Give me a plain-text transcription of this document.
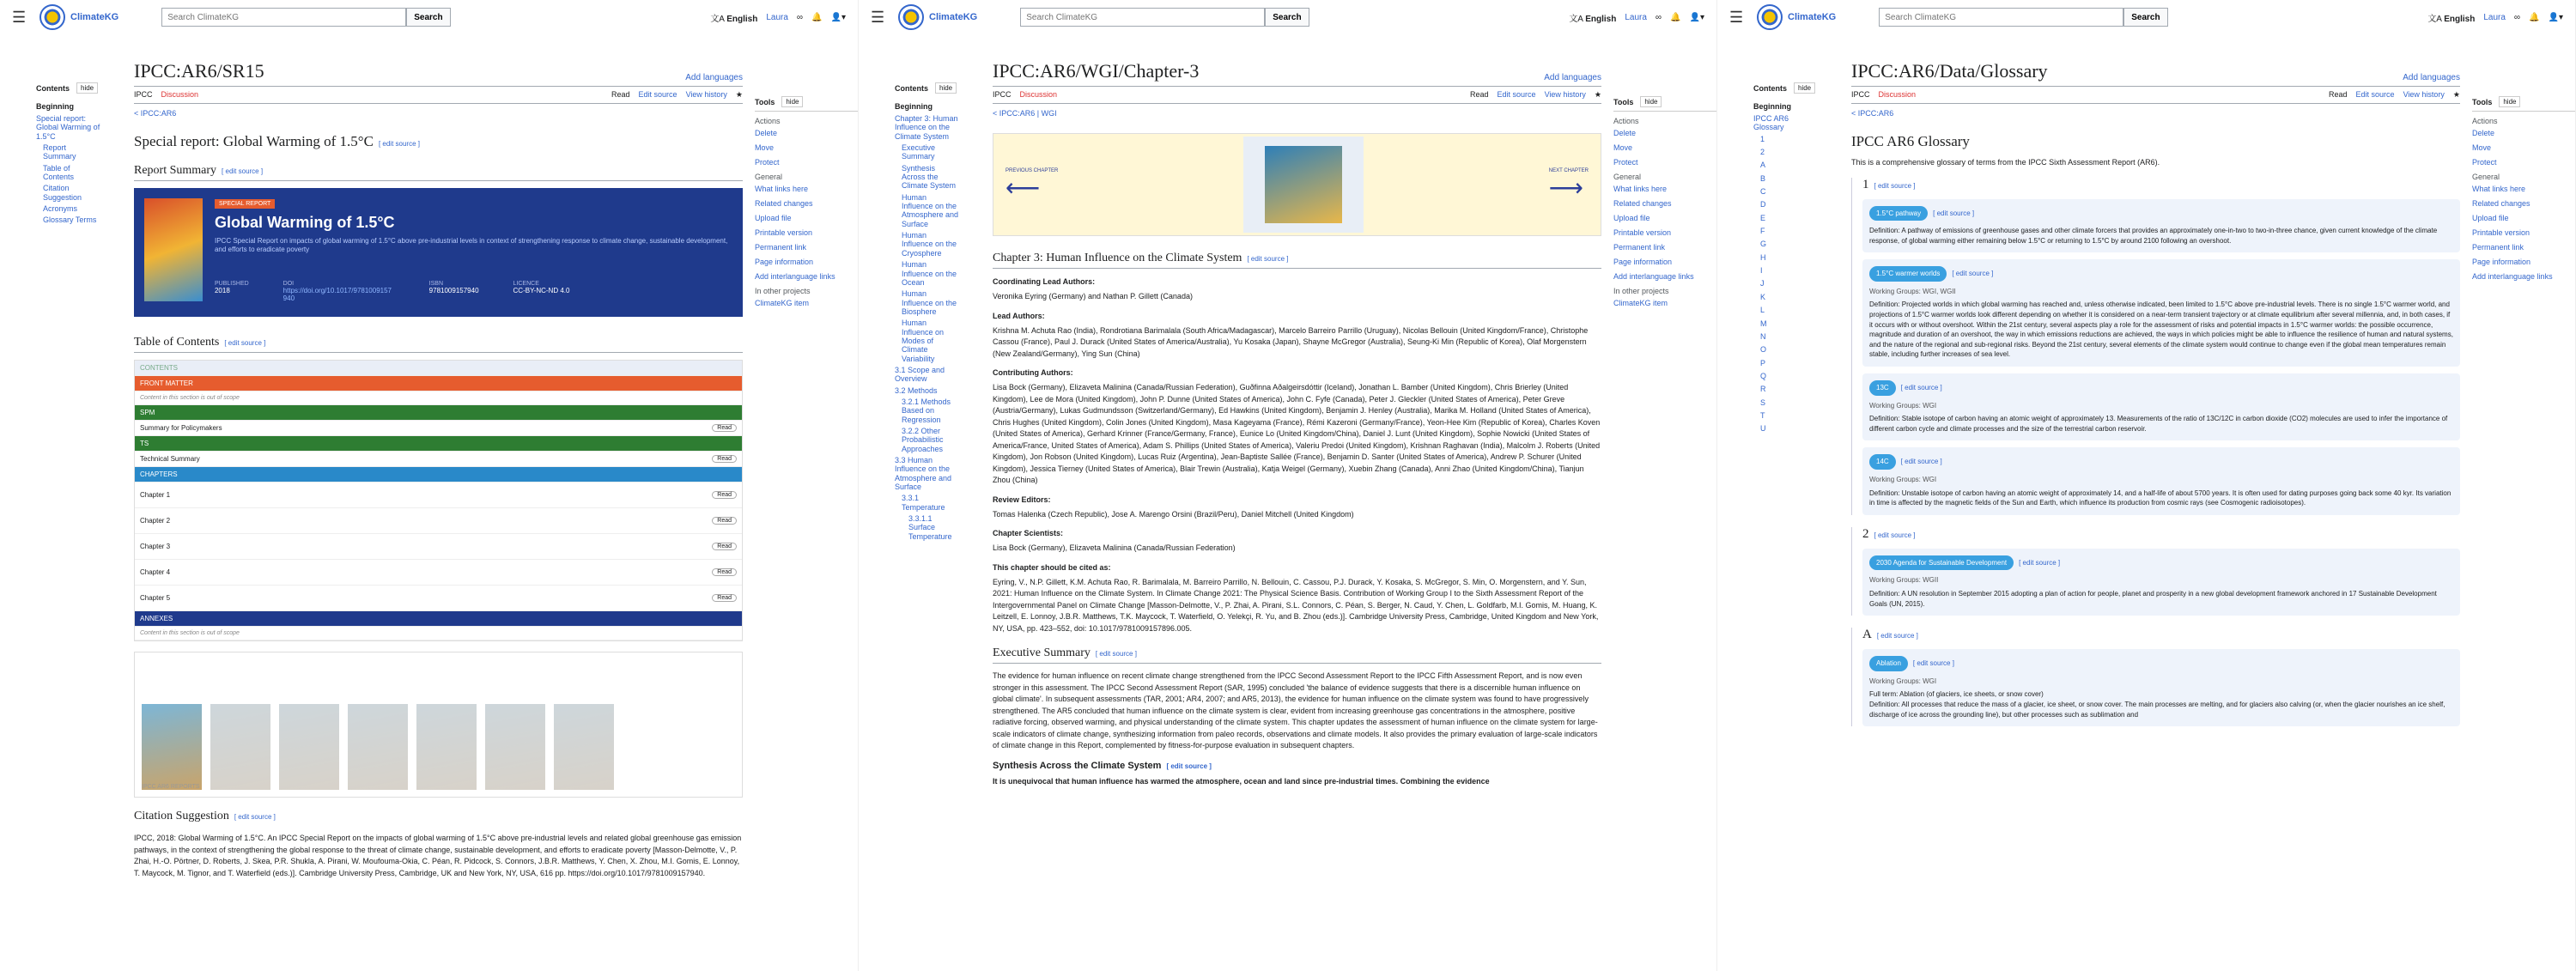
☰	ClimateKG
Search ClimateKG	Search	文A English Laura ∞ 🔔 👤▾
Contents	hide
Beginning
Special report: Global Warming of 1.5°C
Report Summary
Table of Contents
Citation Suggestion
Acronyms
Glossary Terms
IPCC:AR6/SR15	Add languages
IPCC Discussion	Read Edit source View history ★
< IPCC:AR6
Special report: Global Warming of 1.5°C [ edit source ]
Report Summary [ edit source ]
SPECIAL REPORT
Global Warming of 1.5°C
IPCC Special Report on impacts of global warming of 1.5°C above pre-industrial levels in context of strengthening response to climate change, sustainable development, and efforts to eradicate poverty
PUBLISHED
2018
DOI
https://doi.org/10.1017/9781009157940
ISBN
9781009157940
LICENCE
CC-BY-NC-ND 4.0
Table of Contents [ edit source ]
CONTENTS
FRONT MATTER
Content in this section is out of scope
SPM
Summary for Policymakers	Read
TS
Technical Summary	Read
CHAPTERS
Chapter 1	Read
Chapter 2	Read
Chapter 3	Read
Chapter 4	Read
Chapter 5	Read
ANNEXES
Content in this section is out of scope
IPCC AR6 REPORTS
Citation Suggestion [ edit source ]
IPCC, 2018: Global Warming of 1.5°C. An IPCC Special Report on the impacts of global warming of 1.5°C above pre-industrial levels and related global greenhouse gas emission pathways, in the context of strengthening the global response to the threat of climate change, sustainable development, and efforts to eradicate poverty [Masson-Delmotte, V., P. Zhai, H.-O. Pörtner, D. Roberts, J. Skea, P.R. Shukla, A. Pirani, W. Moufouma-Okia, C. Péan, R. Pidcock, S. Connors, J.B.R. Matthews, Y. Chen, X. Zhou, M.I. Gomis, E. Lonnoy, T. Maycock, M. Tignor, and T. Waterfield (eds.)]. Cambridge University Press, Cambridge, UK and New York, NY, USA, 616 pp. https://doi.org/10.1017/9781009157940.
Tools	hide
Actions
Delete
Move
Protect
General
What links here
Related changes
Upload file
Printable version
Permanent link
Page information
Add interlanguage links
In other projects
ClimateKG item
☰	ClimateKG
Search ClimateKG	Search	文A English Laura ∞ 🔔 👤▾
Contents	hide
Beginning
Chapter 3: Human Influence on the Climate System
Executive Summary
Synthesis Across the Climate System
Human Influence on the Atmosphere and Surface
Human Influence on the Cryosphere
Human Influence on the Ocean
Human Influence on the Biosphere
Human Influence on Modes of Climate Variability
3.1 Scope and Overview
3.2 Methods
3.2.1 Methods Based on Regression
3.2.2 Other Probabilistic Approaches
3.3 Human Influence on the Atmosphere and Surface
3.3.1 Temperature
3.3.1.1 Surface Temperature
IPCC:AR6/WGI/Chapter-3	Add languages
IPCC Discussion	Read Edit source View history ★
< IPCC:AR6 | WGI
PREVIOUS CHAPTER
⟵
NEXT CHAPTER
⟶
Chapter 3: Human Influence on the Climate System [ edit source ]
Coordinating Lead Authors:
Veronika Eyring (Germany) and Nathan P. Gillett (Canada)
Lead Authors:
Krishna M. Achuta Rao (India), Rondrotiana Barimalala (South Africa/Madagascar), Marcelo Barreiro Parrillo (Uruguay), Nicolas Bellouin (United Kingdom/France), Christophe Cassou (France), Paul J. Durack (United States of America/Australia), Yu Kosaka (Japan), Shayne McGregor (Australia), Seung-Ki Min (Republic of Korea), Olaf Morgenstern (New Zealand/Germany), Ying Sun (China)
Contributing Authors:
Lisa Bock (Germany), Elizaveta Malinina (Canada/Russian Federation), Guðfinna Aðalgeirsdóttir (Iceland), Jonathan L. Bamber (United Kingdom), Chris Brierley (United Kingdom), Lee de Mora (United Kingdom), John P. Dunne (United States of America), John C. Fyfe (Canada), Peter J. Gleckler (United States of America), Peter Greve (Austria/Germany), Lukas Gudmundsson (Switzerland/Germany), Ed Hawkins (United Kingdom), Benjamin J. Henley (Australia), Marika M. Holland (United States of America), Chris Hughes (United Kingdom), Colin Jones (United Kingdom), Masa Kageyama (France), Rémi Kazeroni (Germany/France), Yeon-Hee Kim (Republic of Korea), Charles Koven (United States of America), Gerhard Krinner (France/Germany, France), Eunice Lo (United Kingdom/China), Daniel J. Lunt (United Kingdom), Sophie Nowicki (United States of America/France, United States of America), Adam S. Phillips (United States of America), Valeriu Predoi (United Kingdom), Krishnan Raghavan (India), Malcolm J. Roberts (United Kingdom), Jon Robson (United Kingdom), Lucas Ruiz (Argentina), Jean-Baptiste Sallée (France), Benjamin D. Santer (United States of America), Andrew P. Schurer (United Kingdom), Jessica Tierney (United States of America), Blair Trewin (Australia), Katja Weigel (Germany), Xuebin Zhang (Canada), Anni Zhao (United Kingdom/China), Tianjun Zhou (China)
Review Editors:
Tomas Halenka (Czech Republic), Jose A. Marengo Orsini (Brazil/Peru), Daniel Mitchell (United Kingdom)
Chapter Scientists:
Lisa Bock (Germany), Elizaveta Malinina (Canada/Russian Federation)
This chapter should be cited as:
Eyring, V., N.P. Gillett, K.M. Achuta Rao, R. Barimalala, M. Barreiro Parrillo, N. Bellouin, C. Cassou, P.J. Durack, Y. Kosaka, S. McGregor, S. Min, O. Morgenstern, and Y. Sun, 2021: Human Influence on the Climate System. In Climate Change 2021: The Physical Science Basis. Contribution of Working Group I to the Sixth Assessment Report of the Intergovernmental Panel on Climate Change [Masson-Delmotte, V., P. Zhai, A. Pirani, S.L. Connors, C. Péan, S. Berger, N. Caud, Y. Chen, L. Goldfarb, M.I. Gomis, M. Huang, K. Leitzell, E. Lonnoy, J.B.R. Matthews, T.K. Maycock, T. Waterfield, O. Yelekçi, R. Yu, and B. Zhou (eds.)]. Cambridge University Press, Cambridge, United Kingdom and New York, NY, USA, pp. 423–552, doi: 10.1017/9781009157896.005.
Executive Summary [ edit source ]
The evidence for human influence on recent climate change strengthened from the IPCC Second Assessment Report to the IPCC Fifth Assessment Report, and is now even stronger in this assessment. The IPCC Second Assessment Report (SAR, 1995) concluded 'the balance of evidence suggests that there is a discernible human influence on global climate'. In subsequent assessments (TAR, 2001; AR4, 2007; and AR5, 2013), the evidence for human influence on the climate system was found to have progressively strengthened. The AR5 concluded that human influence on the climate system is clear, evident from increasing greenhouse gas concentrations in the atmosphere, positive radiative forcing, observed warming, and physical understanding of the climate system. This chapter updates the assessment of human influence on the climate system for large-scale indicators of climate change, synthesizing information from paleo records, observations and climate models. It also provides the primary evaluation of large-scale indicators of climate change in this Report, complemented by fitness-for-purpose evaluation in subsequent chapters.
Synthesis Across the Climate System [ edit source ]
It is unequivocal that human influence has warmed the atmosphere, ocean and land since pre-industrial times. Combining the evidence
Tools	hide
Actions
Delete
Move
Protect
General
What links here
Related changes
Upload file
Printable version
Permanent link
Page information
Add interlanguage links
In other projects
ClimateKG item
☰	ClimateKG
Search ClimateKG	Search	文A English Laura ∞ 🔔 👤▾
Contents	hide
Beginning
IPCC AR6 Glossary
1
2
A
B
C
D
E
F
G
H
I
J
K
L
M
N
O
P
Q
R
S
T
U
IPCC:AR6/Data/Glossary	Add languages
IPCC Discussion	Read Edit source View history ★
< IPCC:AR6
IPCC AR6 Glossary
This is a comprehensive glossary of terms from the IPCC Sixth Assessment Report (AR6).
1 [ edit source ]
1.5°C pathway [ edit source ]
Definition: A pathway of emissions of greenhouse gases and other climate forcers that provides an approximately one-in-two to two-in-three chance, given current knowledge of the climate response, of global warming either remaining below 1.5°C or returning to 1.5°C by around 2100 following an overshoot.
1.5°C warmer worlds [ edit source ]
Working Groups: WGI, WGII
Definition: Projected worlds in which global warming has reached and, unless otherwise indicated, been limited to 1.5°C above pre-industrial levels. There is no single 1.5°C warmer world, and projections of 1.5°C warmer worlds look different depending on whether it is considered on a near-term transient trajectory or at climate equilibrium after several millennia, and, in both cases, if it occurs with or without overshoot. Within the 21st century, several aspects play a role for the assessment of risks and potential impacts in 1.5°C warmer worlds: the possible occurrence, magnitude and duration of an overshoot, the way in which emissions reductions are achieved, the ways in which policies might be able to influence the resilience of human and natural systems, and the nature of the regional and sub-regional risks. Beyond the 21st century, several elements of the climate system would continue to change even if the global mean temperatures remain stable, including further increases of sea level.
13C [ edit source ]
Working Groups: WGI
Definition: Stable isotope of carbon having an atomic weight of approximately 13. Measurements of the ratio of 13C/12C in carbon dioxide (CO2) molecules are used to infer the importance of different carbon cycle and climate processes and the size of the terrestrial carbon reservoir.
14C [ edit source ]
Working Groups: WGI
Definition: Unstable isotope of carbon having an atomic weight of approximately 14, and a half-life of about 5700 years. It is often used for dating purposes going back some 40 kyr. Its variation in time is affected by the magnetic fields of the Sun and Earth, which influence its production from cosmic rays (see Cosmogenic radioisotopes).
2 [ edit source ]
2030 Agenda for Sustainable Development [ edit source ]
Working Groups: WGII
Definition: A UN resolution in September 2015 adopting a plan of action for people, planet and prosperity in a new global development framework anchored in 17 Sustainable Development Goals (UN, 2015).
A [ edit source ]
Ablation [ edit source ]
Working Groups: WGI
Full term: Ablation (of glaciers, ice sheets, or snow cover)
Definition: All processes that reduce the mass of a glacier, ice sheet, or snow cover. The main processes are melting, and for glaciers also calving (or, when the glacier nourishes an ice shelf, discharge of ice across the grounding line), but other processes such as sublimation and
Tools	hide
Actions
Delete
Move
Protect
General
What links here
Related changes
Upload file
Printable version
Permanent link
Page information
Add interlanguage links
